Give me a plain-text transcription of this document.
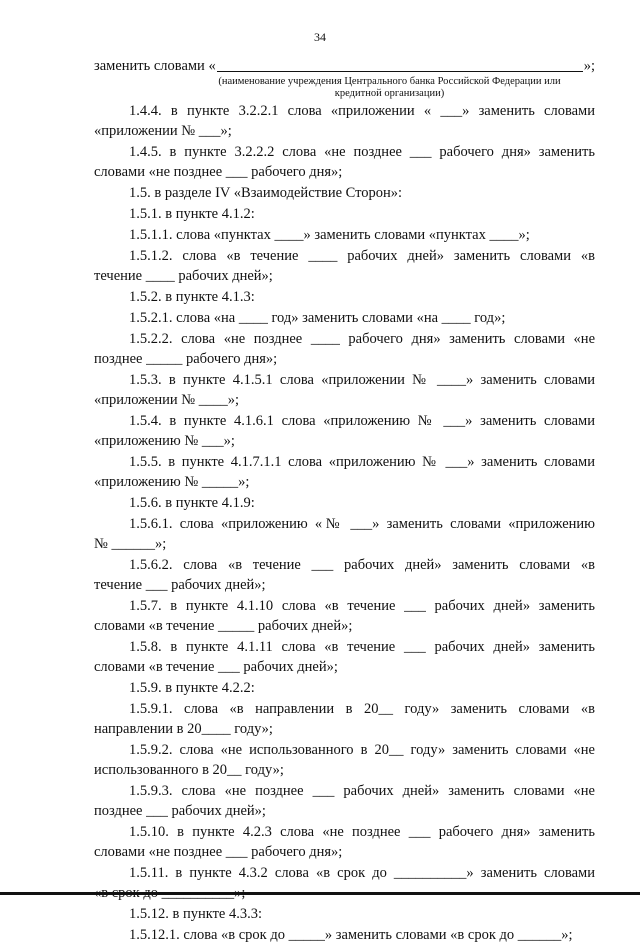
34
заменить словами «	»;
(наименование учреждения Центрального банка Российской Федерации или
кредитной организации)
1.4.4. в пункте 3.2.2.1 слова «приложении « ___» заменить словами
«приложении № ___»;
1.4.5. в пункте 3.2.2.2 слова «не позднее ___ рабочего дня» заменить
словами «не позднее ___ рабочего дня»;
1.5. в разделе IV «Взаимодействие Сторон»:
1.5.1. в пункте 4.1.2:
1.5.1.1. слова «пунктах ____» заменить словами «пунктах ____»;
1.5.1.2. слова «в течение ____ рабочих дней» заменить словами «в
течение ____ рабочих дней»;
1.5.2. в пункте 4.1.3:
1.5.2.1. слова «на ____ год» заменить словами «на ____ год»;
1.5.2.2. слова «не позднее ____ рабочего дня» заменить словами «не
позднее _____ рабочего дня»;
1.5.3. в пункте 4.1.5.1 слова «приложении № ____» заменить словами
«приложении № ____»;
1.5.4. в пункте 4.1.6.1 слова «приложению № ___» заменить словами
«приложению № ___»;
1.5.5. в пункте 4.1.7.1.1 слова «приложению № ___» заменить словами
«приложению № _____»;
1.5.6. в пункте 4.1.9:
1.5.6.1. слова «приложению «№ ___» заменить словами «приложению
№ ______»;
1.5.6.2. слова «в течение ___ рабочих дней» заменить словами «в
течение ___ рабочих дней»;
1.5.7. в пункте 4.1.10 слова «в течение ___ рабочих дней» заменить
словами «в течение _____ рабочих дней»;
1.5.8. в пункте 4.1.11 слова «в течение ___ рабочих дней» заменить
словами «в течение ___ рабочих дней»;
1.5.9. в пункте 4.2.2:
1.5.9.1. слова «в направлении в 20__ году» заменить словами «в
направлении в 20____ году»;
1.5.9.2. слова «не использованного в 20__ году» заменить словами «не
использованного в 20__ году»;
1.5.9.3. слова «не позднее ___ рабочих дней» заменить словами «не
позднее ___ рабочих дней»;
1.5.10. в пункте 4.2.3 слова «не позднее ___ рабочего дня» заменить
словами «не позднее ___ рабочего дня»;
1.5.11. в пункте 4.3.2 слова «в срок до __________» заменить словами
«в срок до __________»;
1.5.12. в пункте 4.3.3:
1.5.12.1. слова «в срок до _____» заменить словами «в срок до ______»;
